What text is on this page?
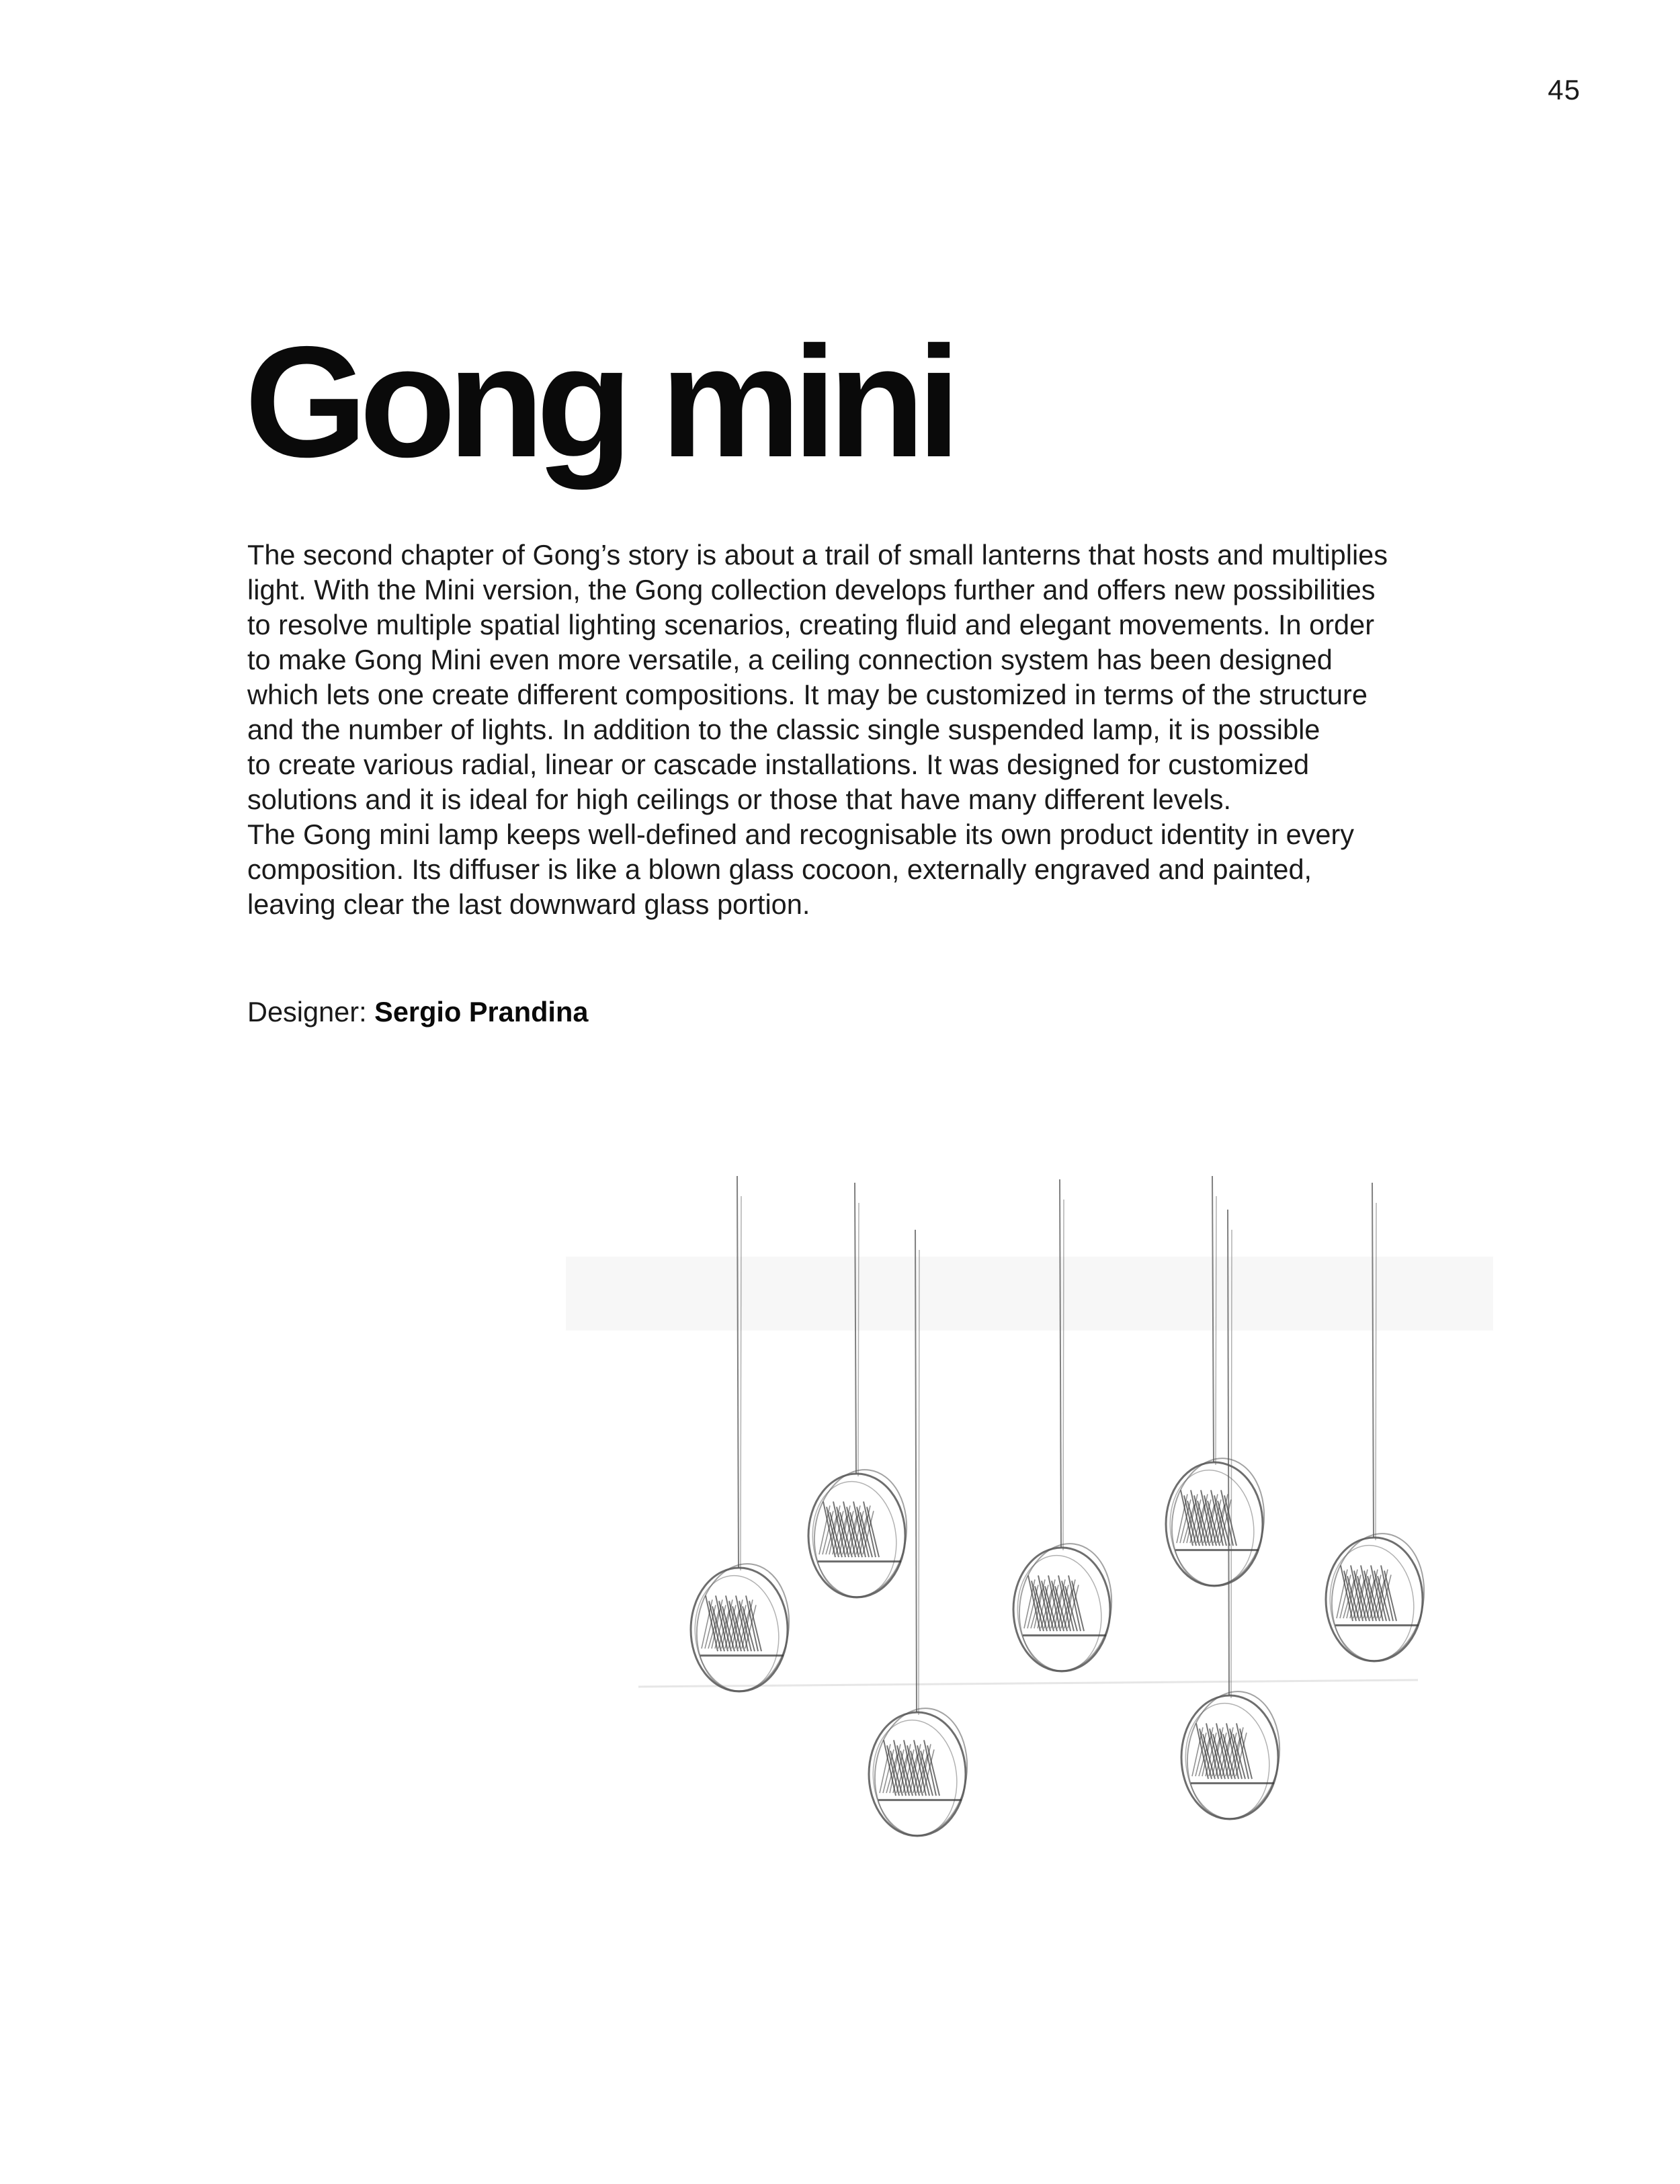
45
Gong mini
The second chapter of Gong’s story is about a trail of small lanterns that hosts and multiplies
light. With the Mini version, the Gong collection develops further and offers new possibilities
to resolve multiple spatial lighting scenarios, creating fluid and elegant movements. In order
to make Gong Mini even more versatile, a ceiling connection system has been designed
which lets one create different compositions. It may be customized in terms of the structure
and the number of lights. In addition to the classic single suspended lamp, it is possible
to create various radial, linear or cascade installations. It was designed for customized
solutions and it is ideal for high ceilings or those that have many different levels.
The Gong mini lamp keeps well-defined and recognisable its own product identity in every
composition. Its diffuser is like a blown glass cocoon, externally engraved and painted,
leaving clear the last downward glass portion.
Designer: Sergio Prandina
